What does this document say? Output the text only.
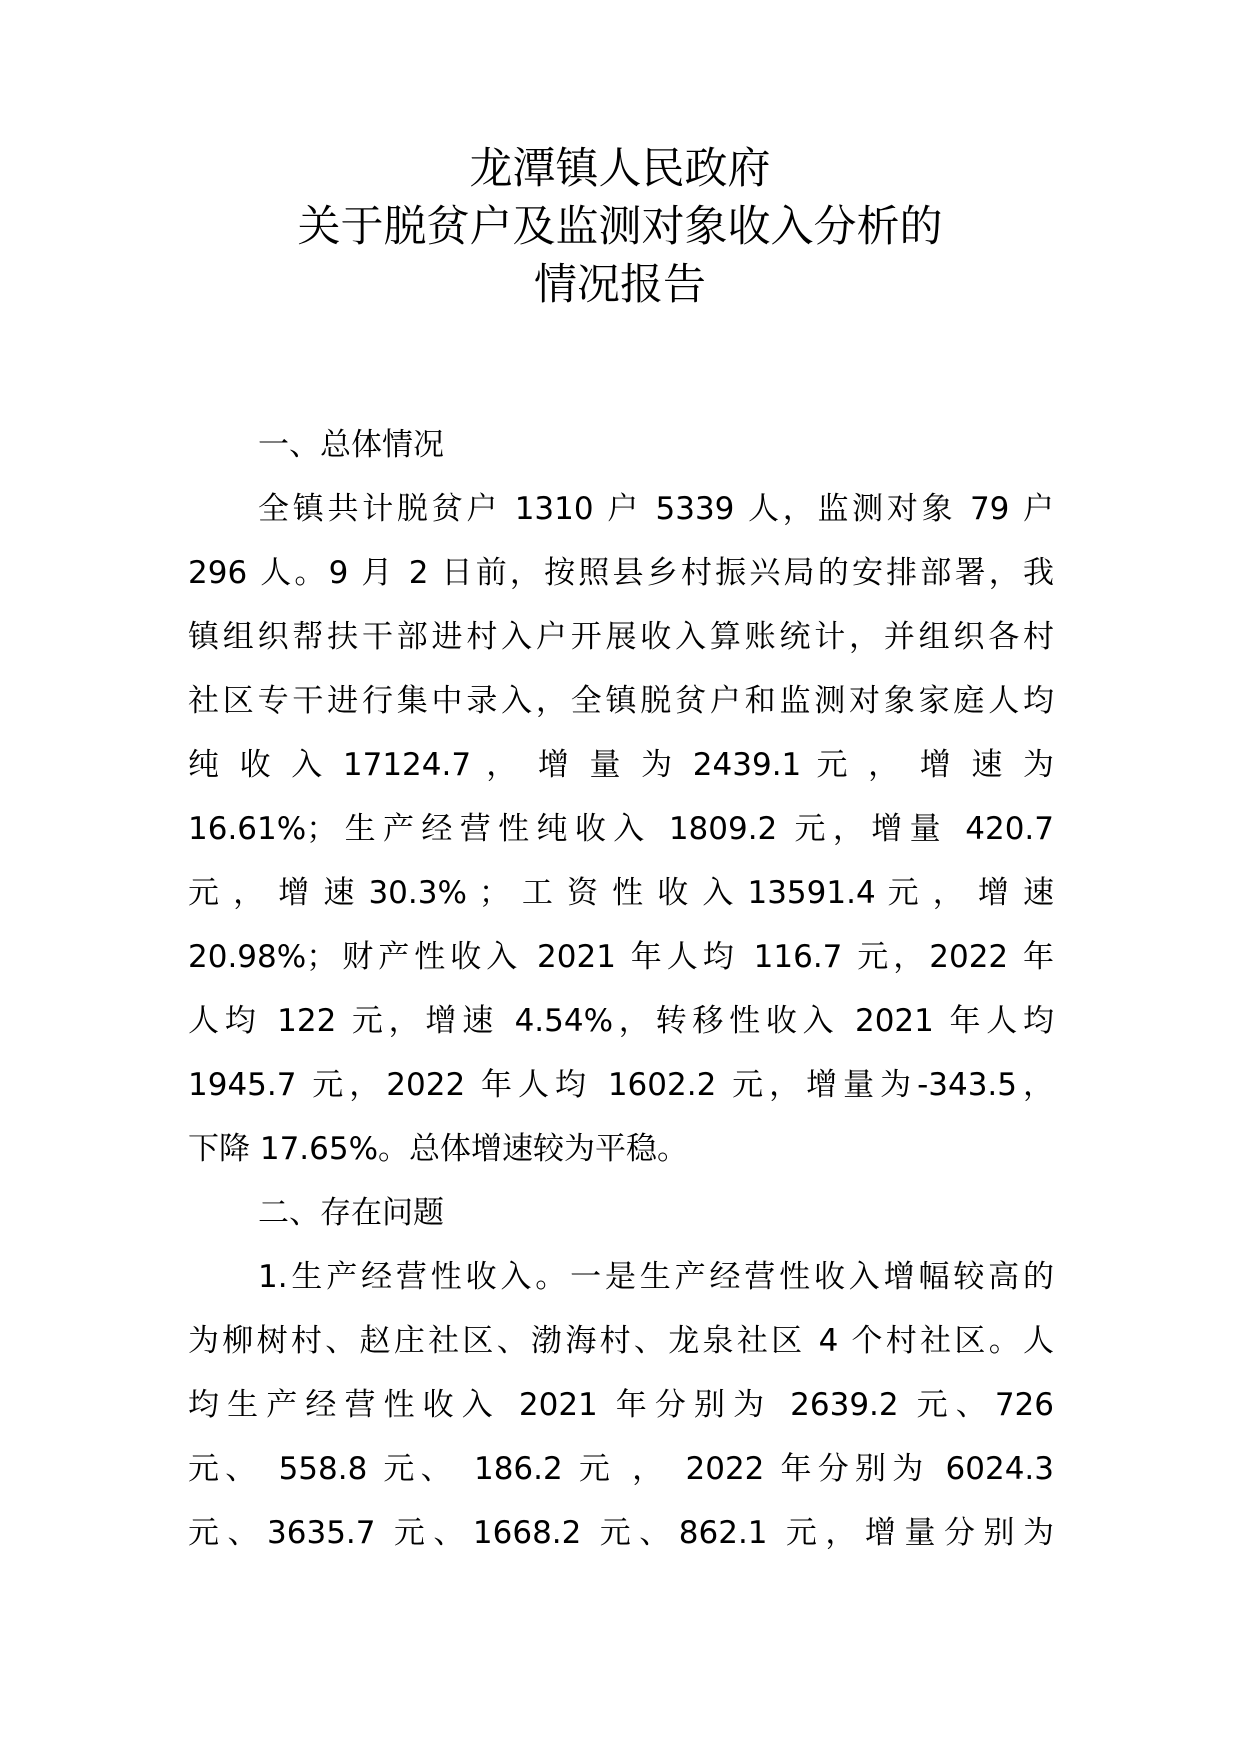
龙潭镇人民政府
关于脱贫户及监测对象收入分析的
情况报告
一、总体情况
全镇共计脱贫户 1310 户 5339 人，监测对象 79 户
296 人。9 月 2 日前，按照县乡村振兴局的安排部署，我
镇组织帮扶干部进村入户开展收入算账统计，并组织各村
社区专干进行集中录入，全镇脱贫户和监测对象家庭人均
纯 收 入 17124.7 ， 增 量 为 2439.1 元 ， 增 速 为
16.61%；生产经营性纯收入 1809.2 元，增量 420.7
元 ， 增 速 30.3% ； 工 资 性 收 入 13591.4 元 ， 增 速
20.98%；财产性收入 2021 年人均 116.7 元，2022 年
人均 122 元，增速 4.54%，转移性收入 2021 年人均
1945.7 元，2022 年人均 1602.2 元，增量为-343.5，
下降 17.65%。总体增速较为平稳。
二、存在问题
1.生产经营性收入。一是生产经营性收入增幅较高的
为柳树村、赵庄社区、渤海村、龙泉社区 4 个村社区。人
均生产经营性收入 2021 年分别为 2639.2 元、726
元、 558.8 元、 186.2 元 ， 2022 年分别为 6024.3
元、3635.7 元、1668.2 元、862.1 元，增量分别为
